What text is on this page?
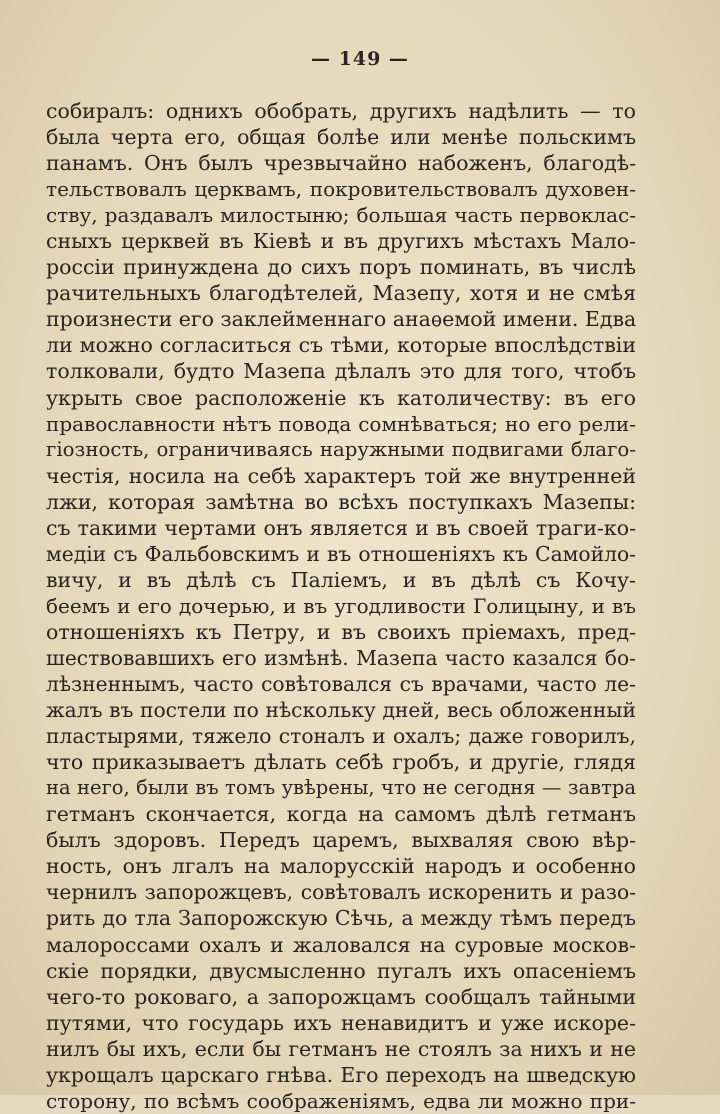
— 149 —
собиралъ: однихъ обобрать, другихъ надѣлить — то
была черта его, общая болѣе или менѣе польскимъ
панамъ. Онъ былъ чрезвычайно набоженъ, благодѣ-
тельствовалъ церквамъ, покровительствовалъ духовен-
ству, раздавалъ милостыню; большая часть первоклас-
сныхъ церквей въ Кіевѣ и въ другихъ мѣстахъ Мало-
россіи принуждена до сихъ поръ поминать, въ числѣ
рачительныхъ благодѣтелей, Мазепу, хотя и не смѣя
произнести его заклейменнаго анаѳемой имени. Едва
ли можно согласиться съ тѣми, которые впослѣдствіи
толковали, будто Мазепа дѣлалъ это для того, чтобъ
укрыть свое расположеніе къ католичеству: въ его
православности нѣтъ повода сомнѣваться; но его рели-
гіозность, ограничиваясь наружными подвигами благо-
честія, носила на себѣ характеръ той же внутренней
лжи, которая замѣтна во всѣхъ поступкахъ Мазепы:
съ такими чертами онъ является и въ своей траги-ко-
медіи съ Фальбовскимъ и въ отношеніяхъ къ Самойло-
вичу, и въ дѣлѣ съ Паліемъ, и въ дѣлѣ съ Кочу-
беемъ и его дочерью, и въ угодливости Голицыну, и въ
отношеніяхъ къ Петру, и въ своихъ пріемахъ, пред-
шествовавшихъ его измѣнѣ. Мазепа часто казался бо-
лѣзненнымъ, часто совѣтовался съ врачами, часто ле-
жалъ въ постели по нѣскольку дней, весь обложенный
пластырями, тяжело стоналъ и охалъ; даже говорилъ,
что приказываетъ дѣлать себѣ гробъ, и другіе, глядя
на него, были въ томъ увѣрены, что не сегодня — завтра
гетманъ скончается, когда на самомъ дѣлѣ гетманъ
былъ здоровъ. Передъ царемъ, выхваляя свою вѣр-
ность, онъ лгалъ на малорусскій народъ и особенно
чернилъ запорожцевъ, совѣтовалъ искоренить и разо-
рить до тла Запорожскую Сѣчь, а между тѣмъ передъ
малороссами охалъ и жаловался на суровые москов-
скіе порядки, двусмысленно пугалъ ихъ опасеніемъ
чего-то роковаго, а запорожцамъ сообщалъ тайными
путями, что государь ихъ ненавидитъ и уже искоре-
нилъ бы ихъ, если бы гетманъ не стоялъ за нихъ и не
укрощалъ царскаго гнѣва. Его переходъ на шведскую
сторону, по всѣмъ соображеніямъ, едва ли можно при-
